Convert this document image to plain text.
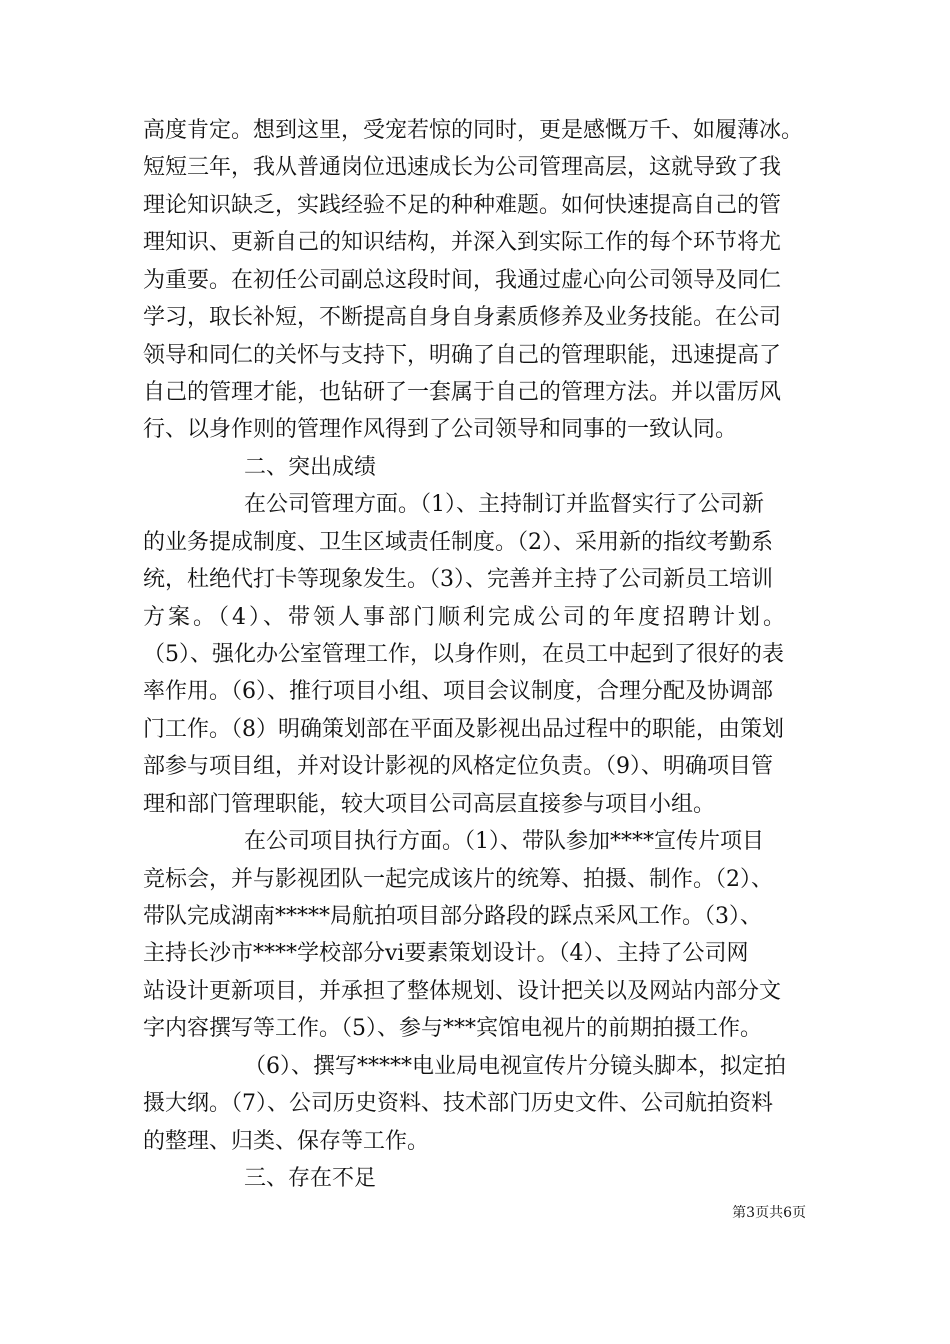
高度肯定。想到这里，受宠若惊的同时，更是感慨万千、如履薄冰。
短短三年，我从普通岗位迅速成长为公司管理高层，这就导致了我
理论知识缺乏，实践经验不足的种种难题。如何快速提高自己的管
理知识、更新自己的知识结构，并深入到实际工作的每个环节将尤
为重要。在初任公司副总这段时间，我通过虚心向公司领导及同仁
学习，取长补短，不断提高自身自身素质修养及业务技能。在公司
领导和同仁的关怀与支持下，明确了自己的管理职能，迅速提高了
自己的管理才能，也钻研了一套属于自己的管理方法。并以雷厉风
行、以身作则的管理作风得到了公司领导和同事的一致认同。
二、突出成绩
在公司管理方面。（1）、主持制订并监督实行了公司新
的业务提成制度、卫生区域责任制度。（2）、采用新的指纹考勤系
统，杜绝代打卡等现象发生。（3）、完善并主持了公司新员工培训
方案。（4）、带领人事部门顺利完成公司的年度招聘计划。
（5）、强化办公室管理工作，以身作则，在员工中起到了很好的表
率作用。（6）、推行项目小组、项目会议制度，合理分配及协调部
门工作。（8）明确策划部在平面及影视出品过程中的职能，由策划
部参与项目组，并对设计影视的风格定位负责。（9）、明确项目管
理和部门管理职能，较大项目公司高层直接参与项目小组。
在公司项目执行方面。（1）、带队参加****宣传片项目
竞标会，并与影视团队一起完成该片的统筹、拍摄、制作。（2）、
带队完成湖南*****局航拍项目部分路段的踩点采风工作。（3）、
主持长沙市****学校部分vi要素策划设计。（4）、主持了公司网
站设计更新项目，并承担了整体规划、设计把关以及网站内部分文
字内容撰写等工作。（5）、参与***宾馆电视片的前期拍摄工作。
（6）、撰写*****电业局电视宣传片分镜头脚本，拟定拍
摄大纲。（7）、公司历史资料、技术部门历史文件、公司航拍资料
的整理、归类、保存等工作。
三、存在不足
第3页共6页
